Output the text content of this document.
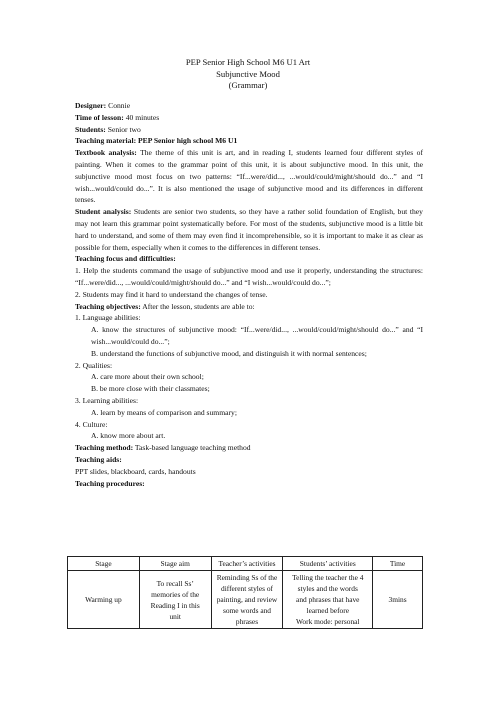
PEP Senior High School M6 U1 Art
Subjunctive Mood
(Grammar)

Designer: Connie

Time of lesson: 40 minutes

Students: Senior two

Teaching material: PEP Senior high school M6 U1

Textbook analysis: The theme of this unit is art, and in reading I, students learned four different styles of painting. When it comes to the grammar point of this unit, it is about subjunctive mood. In this unit, the subjunctive mood most focus on two patterns: “If...were/did..., ...would/could/might/should do...” and “I wish...would/could do...”. It is also mentioned the usage of subjunctive mood and its differences in different tenses.

Student analysis: Students are senior two students, so they have a rather solid foundation of English, but they may not learn this grammar point systematically before. For most of the students, subjunctive mood is a little bit hard to understand, and some of them may even find it incomprehensible, so it is important to make it as clear as possible for them, especially when it comes to the differences in different tenses.

Teaching focus and difficulties:

1. Help the students command the usage of subjunctive mood and use it properly, understanding the structures: “If...were/did..., ...would/could/might/should do...” and “I wish...would/could do...”;

2. Students may find it hard to understand the changes of tense.

Teaching objectives: After the lesson, students are able to:

1. Language abilities:

A. know the structures of subjunctive mood: “If...were/did..., ...would/could/might/should do...” and “I wish...would/could do...”;

B. understand the functions of subjunctive mood, and distinguish it with normal sentences;

2. Qualities:

A. care more about their own school;

B. be more close with their classmates;

3. Learning abilities:

A. learn by means of comparison and summary;

4. Culture:

A. know more about art.

Teaching method: Task-based language teaching method

Teaching aids:

PPT slides, blackboard, cards, handouts

Teaching procedures:

Stage	Stage aim	Teacher’s activities	Students’ activities	Time
Warming up	To recall Ss’
memories of the
Reading I in this
unit	Reminding Ss of the
different styles of
painting, and review
some words and
phrases	Telling the teacher the 4
styles and the words
and phrases that have
learned before
Work mode: personal	3mins
